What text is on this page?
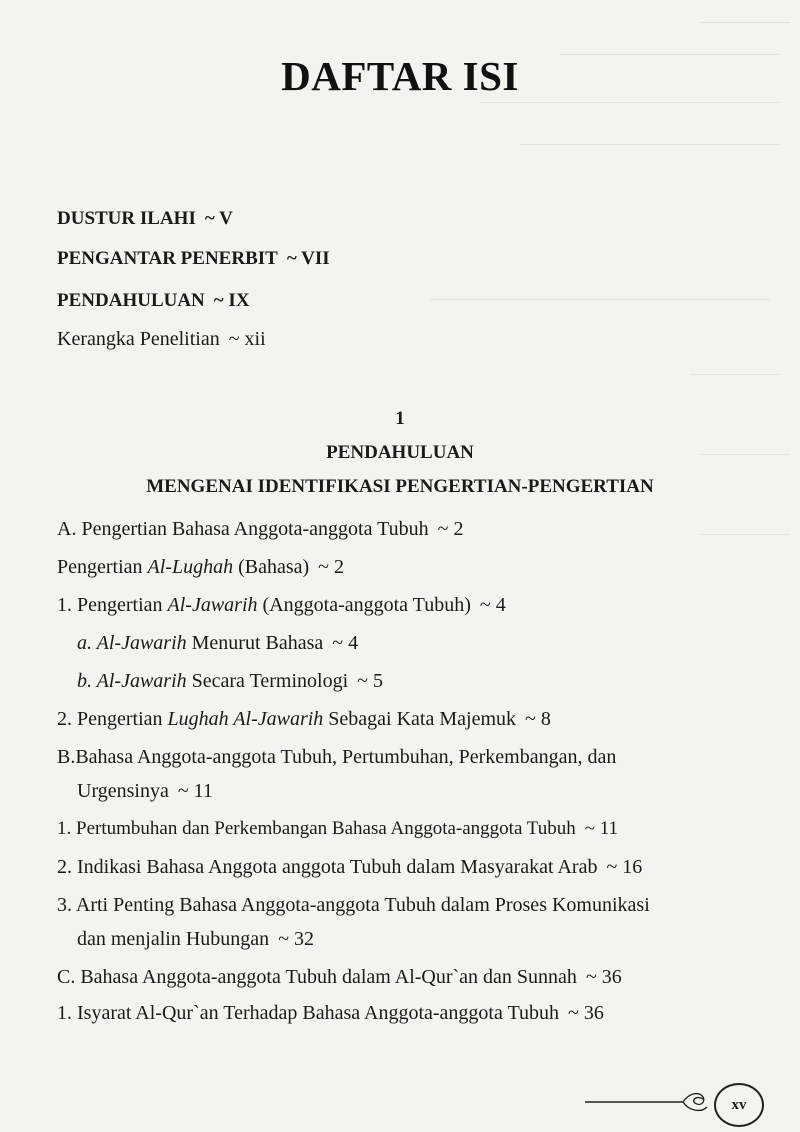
DAFTAR ISI
DUSTUR ILAHI ~ V
PENGANTAR PENERBIT ~ VII
PENDAHULUAN ~ IX
Kerangka Penelitian ~ xii
1
PENDAHULUAN
MENGENAI IDENTIFIKASI PENGERTIAN-PENGERTIAN
A. Pengertian Bahasa Anggota-anggota Tubuh ~ 2
Pengertian Al-Lughah (Bahasa) ~ 2
1. Pengertian Al-Jawarih (Anggota-anggota Tubuh) ~ 4
a. Al-Jawarih Menurut Bahasa ~ 4
b. Al-Jawarih Secara Terminologi ~ 5
2. Pengertian Lughah Al-Jawarih Sebagai Kata Majemuk ~ 8
B.Bahasa Anggota-anggota Tubuh, Pertumbuhan, Perkembangan, dan
Urgensinya ~ 11
1. Pertumbuhan dan Perkembangan Bahasa Anggota-anggota Tubuh ~ 11
2. Indikasi Bahasa Anggota anggota Tubuh dalam Masyarakat Arab ~ 16
3. Arti Penting Bahasa Anggota-anggota Tubuh dalam Proses Komunikasi
dan menjalin Hubungan ~ 32
C. Bahasa Anggota-anggota Tubuh dalam Al-Qur`an dan Sunnah ~ 36
1. Isyarat Al-Qur`an Terhadap Bahasa Anggota-anggota Tubuh ~ 36
xv
